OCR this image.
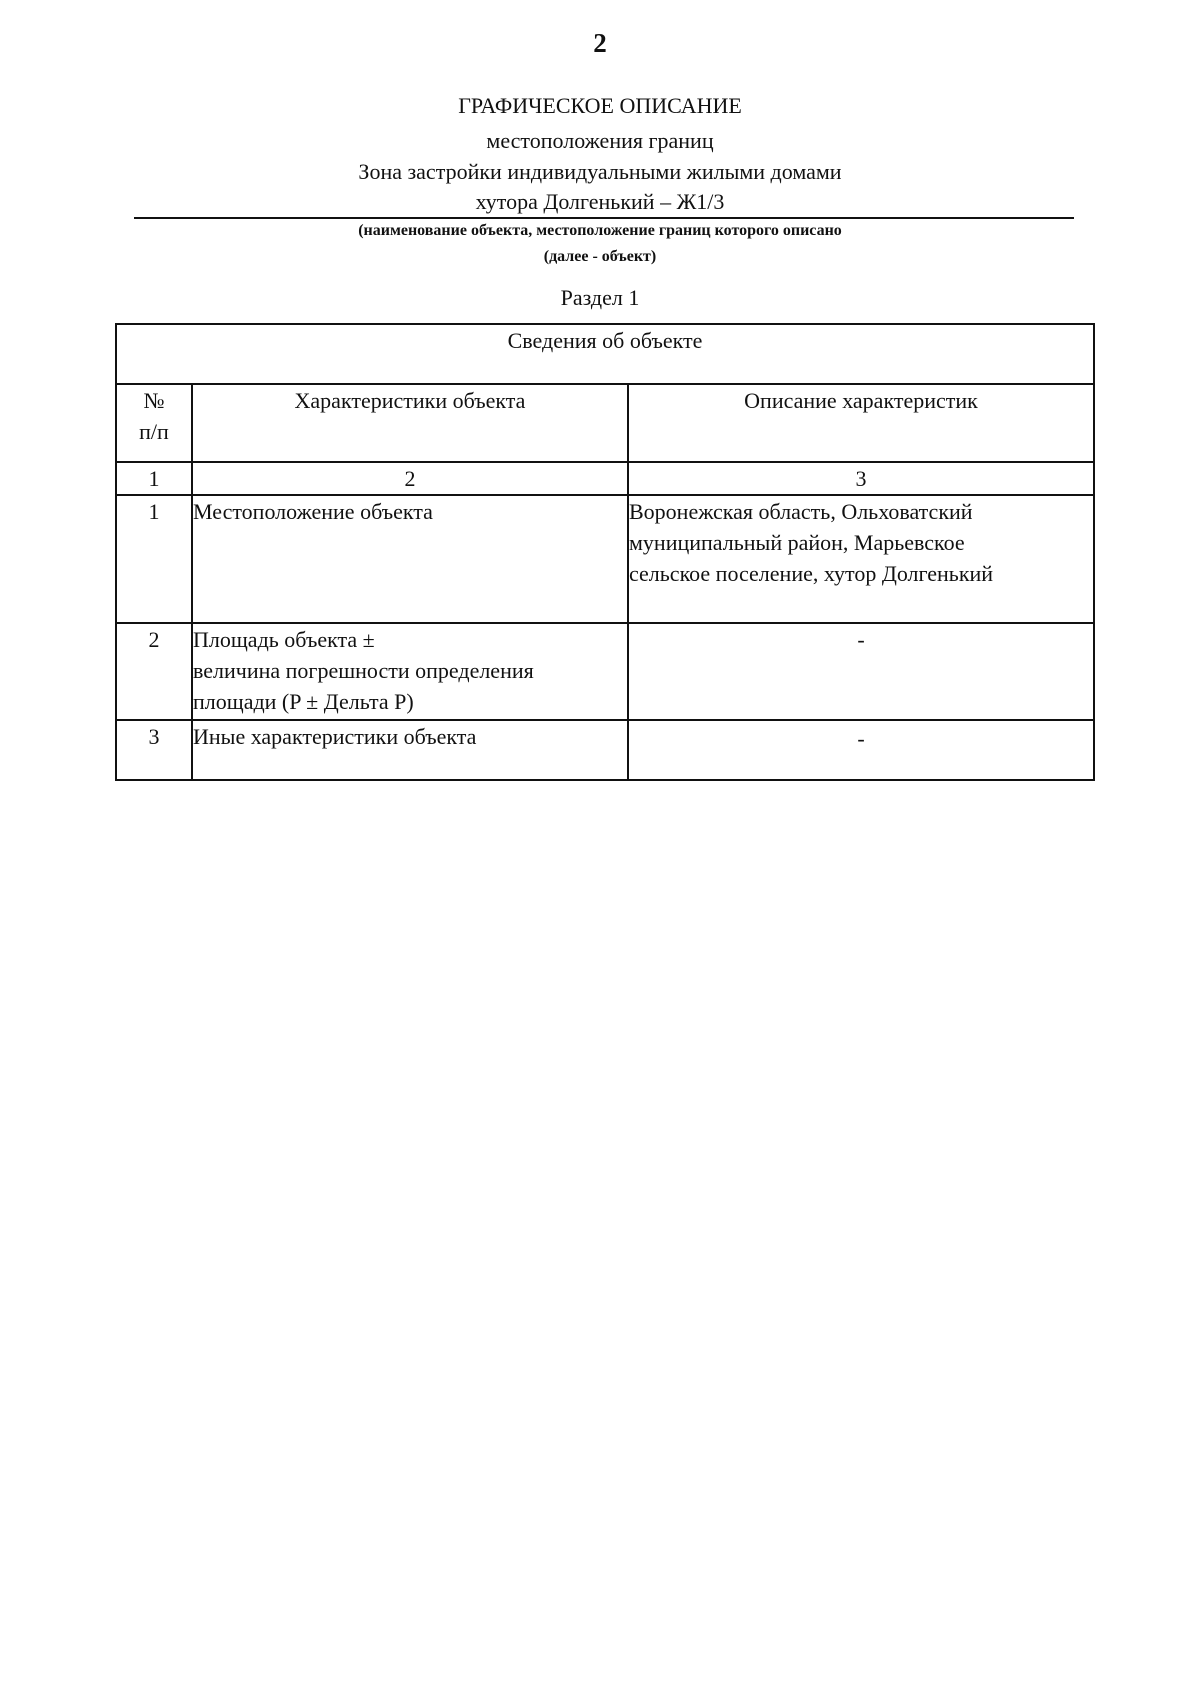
2
ГРАФИЧЕСКОЕ ОПИСАНИЕ
местоположения границ
Зона застройки индивидуальными жилыми домами
хутора Долгенький – Ж1/3
(наименование объекта, местоположение границ которого описано
(далее - объект)
Раздел 1
Сведения об объекте		

№
п/п	Характеристики объекта	Описание характеристик
1	2	3
1	Местоположение объекта	Воронежская область, Ольховатский
муниципальный район, Марьевское
сельское поселение, хутор Долгенький

2	Площадь объекта ±
величина погрешности определения
площади (P ± Дельта P)	-
3	Иные характеристики объекта	-
